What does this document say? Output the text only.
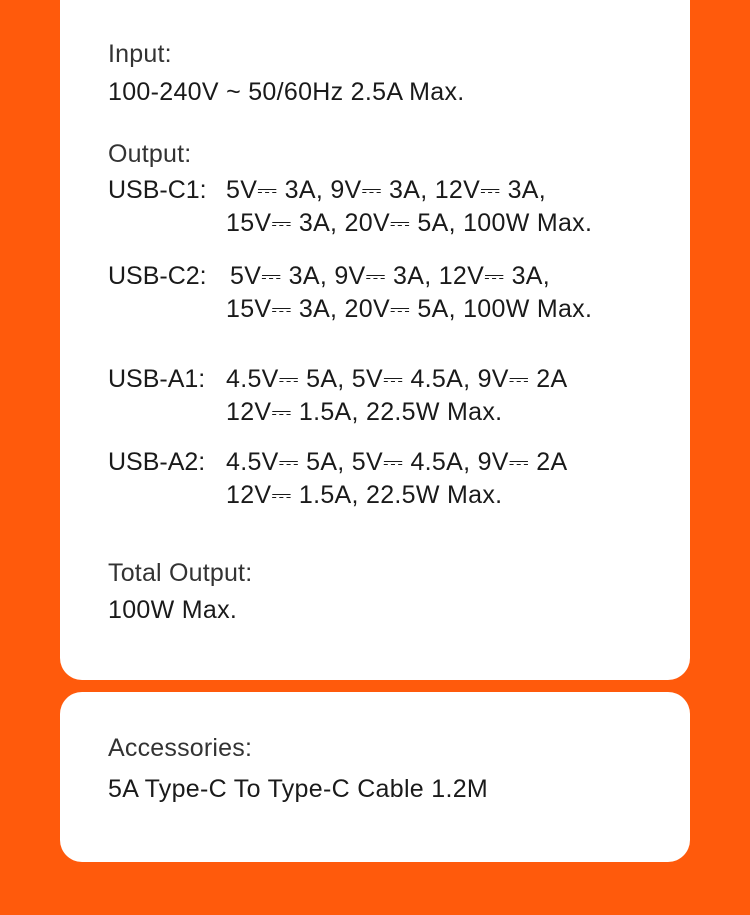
Input:
100-240V ~ 50/60Hz 2.5A Max.
Output:
USB-C1: 5V⎓ 3A, 9V⎓ 3A, 12V⎓ 3A,
15V⎓ 3A, 20V⎓ 5A, 100W Max.
USB-C2: 5V⎓ 3A, 9V⎓ 3A, 12V⎓ 3A,
15V⎓ 3A, 20V⎓ 5A, 100W Max.
USB-A1: 4.5V⎓ 5A, 5V⎓ 4.5A, 9V⎓ 2A
12V⎓ 1.5A, 22.5W Max.
USB-A2: 4.5V⎓ 5A, 5V⎓ 4.5A, 9V⎓ 2A
12V⎓ 1.5A, 22.5W Max.
Total Output:
100W Max.
Accessories:
5A Type-C To Type-C Cable 1.2M
